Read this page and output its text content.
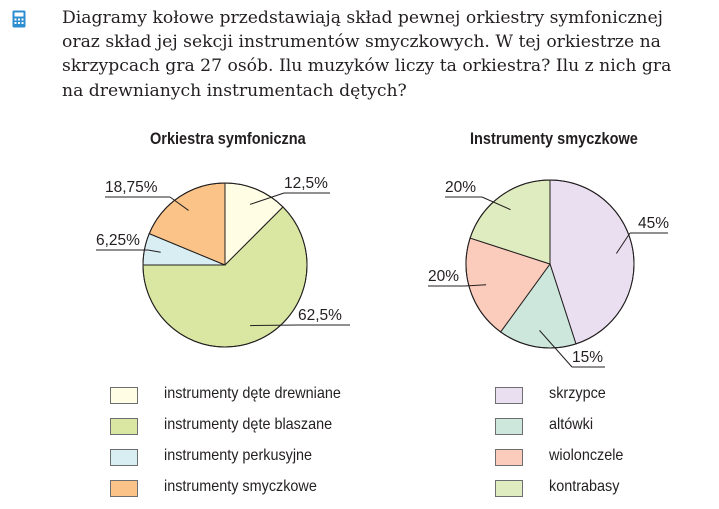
Diagramy kołowe przedstawiają skład pewnej orkiestry symfonicznej
oraz skład jej sekcji instrumentów smyczkowych. W tej orkiestrze na
skrzypcach gra 27 osób. Ilu muzyków liczy ta orkiestra? Ilu z nich gra
na drewnianych instrumentach dętych?

Orkiestra symfoniczna	Instrumenty smyczkowe
12,5%
62,5%
6,25%
18,75%
45%
15%
20%
20%
instrumenty dęte drewniane
instrumenty dęte blaszane
instrumenty perkusyjne
instrumenty smyczkowe
skrzypce
altówki
wiolonczele
kontrabasy
